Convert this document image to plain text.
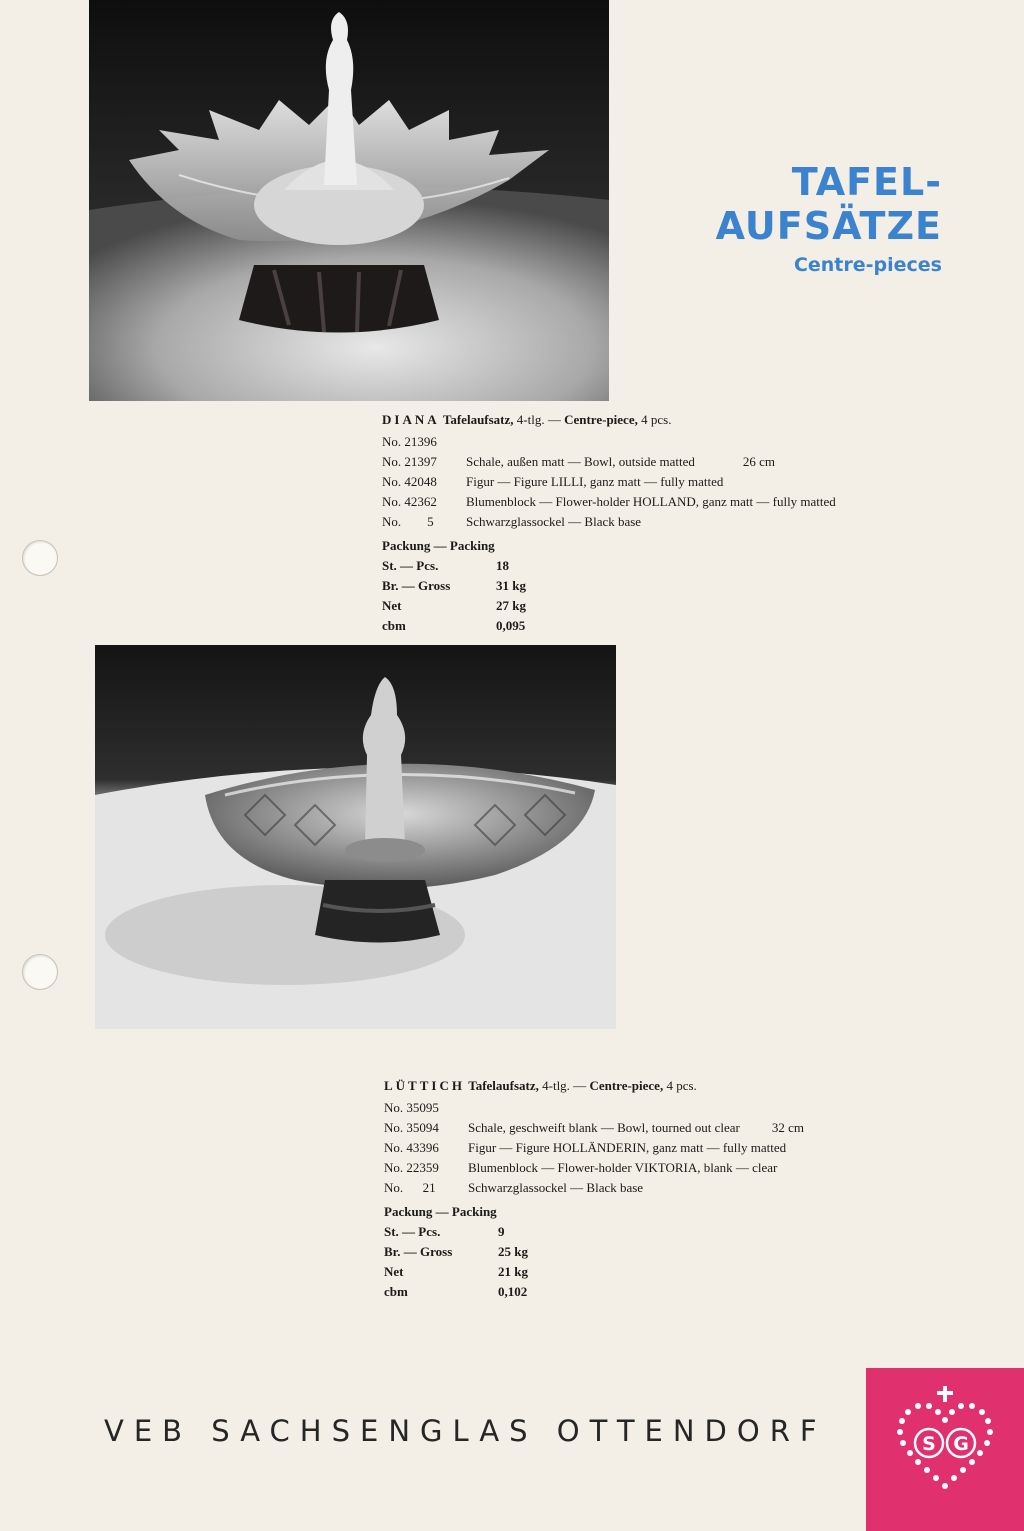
TAFEL-
AUFSÄTZE
Centre-pieces
DIANA Tafelaufsatz, 4-tlg. — Centre-piece, 4 pcs.
No. 21396
No. 21397	Schale, außen matt — Bowl, outside matted	26 cm
No. 42048	Figur — Figure LILLI, ganz matt — fully matted
No. 42362	Blumenblock — Flower-holder HOLLAND, ganz matt — fully matted
No.        5	Schwarzglassockel — Black base
Packung — Packing
St. — Pcs.	18
Br. — Gross	31 kg
Net	27 kg
cbm	0,095
LÜTTICH Tafelaufsatz, 4-tlg. — Centre-piece, 4 pcs.
No. 35095
No. 35094	Schale, geschweift blank — Bowl, tourned out clear 32 cm
No. 43396	Figur — Figure HOLLÄNDERIN, ganz matt — fully matted
No. 22359	Blumenblock — Flower-holder VIKTORIA, blank — clear
No.      21	Schwarzglassockel — Black base
Packung — Packing
St. — Pcs.	9
Br. — Gross	25 kg
Net	21 kg
cbm	0,102
VEB SACHSENGLAS OTTENDORF	S G
